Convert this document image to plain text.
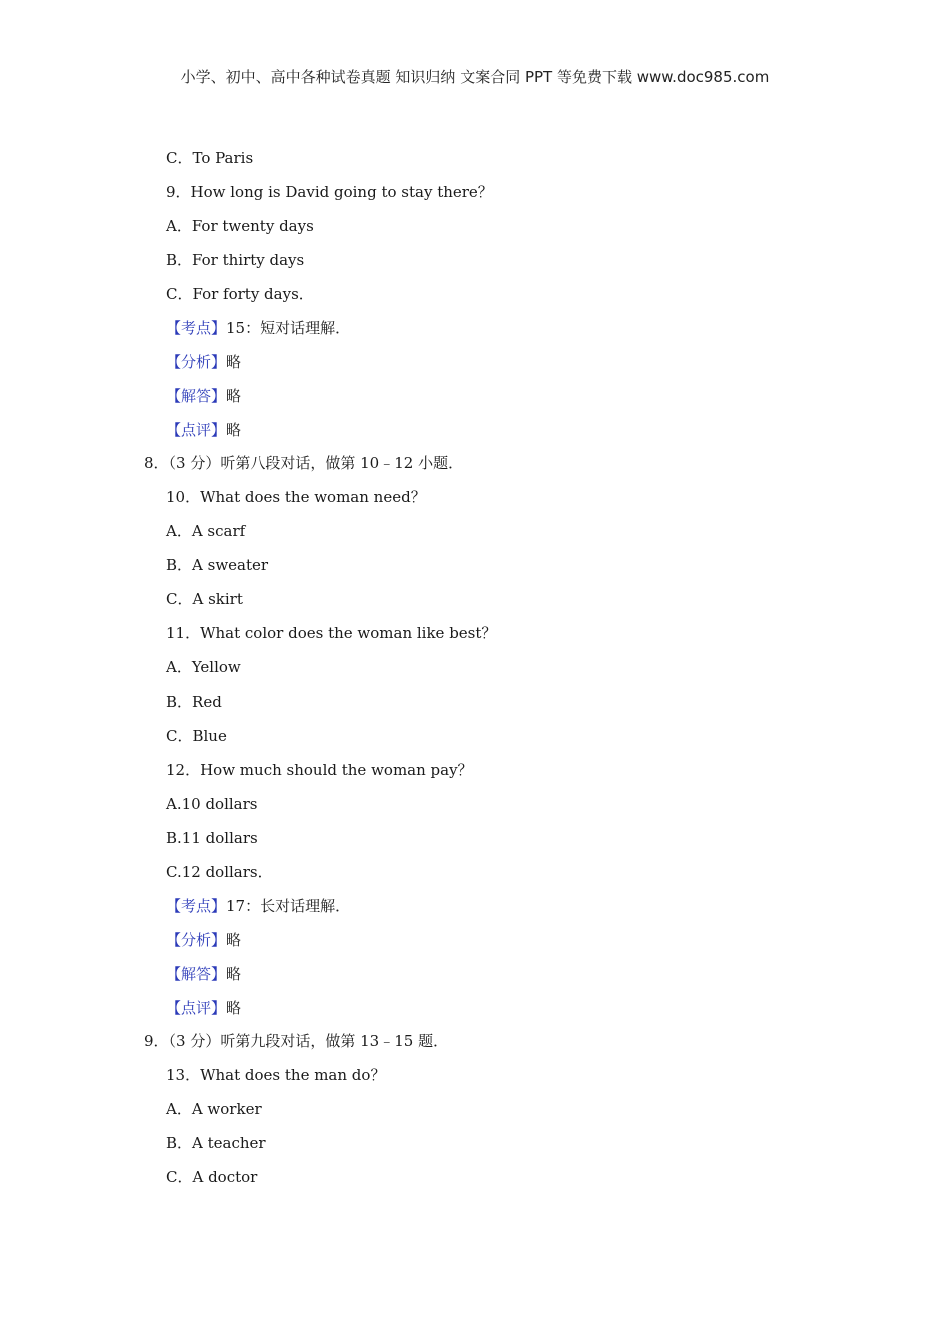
小学、初中、高中各种试卷真题 知识归纳 文案合同 PPT 等免费下载 www.doc985.com
C．To Paris
9．How long is David going to stay there？
A．For twenty days
B．For thirty days
C．For forty days．
【考点】15：短对话理解．
【分析】略
【解答】略
【点评】略
8．（3 分）听第八段对话，做第 10﹣12 小题．
10．What does the woman need？
A．A scarf
B．A sweater
C．A skirt
11．What color does the woman like best？
A．Yellow
B．Red
C．Blue
12．How much should the woman pay？
A.10 dollars
B.11 dollars
C.12 dollars．
【考点】17：长对话理解．
【分析】略
【解答】略
【点评】略
9．（3 分）听第九段对话，做第 13﹣15 题．
13．What does the man do？
A．A worker
B．A teacher
C．A doctor
